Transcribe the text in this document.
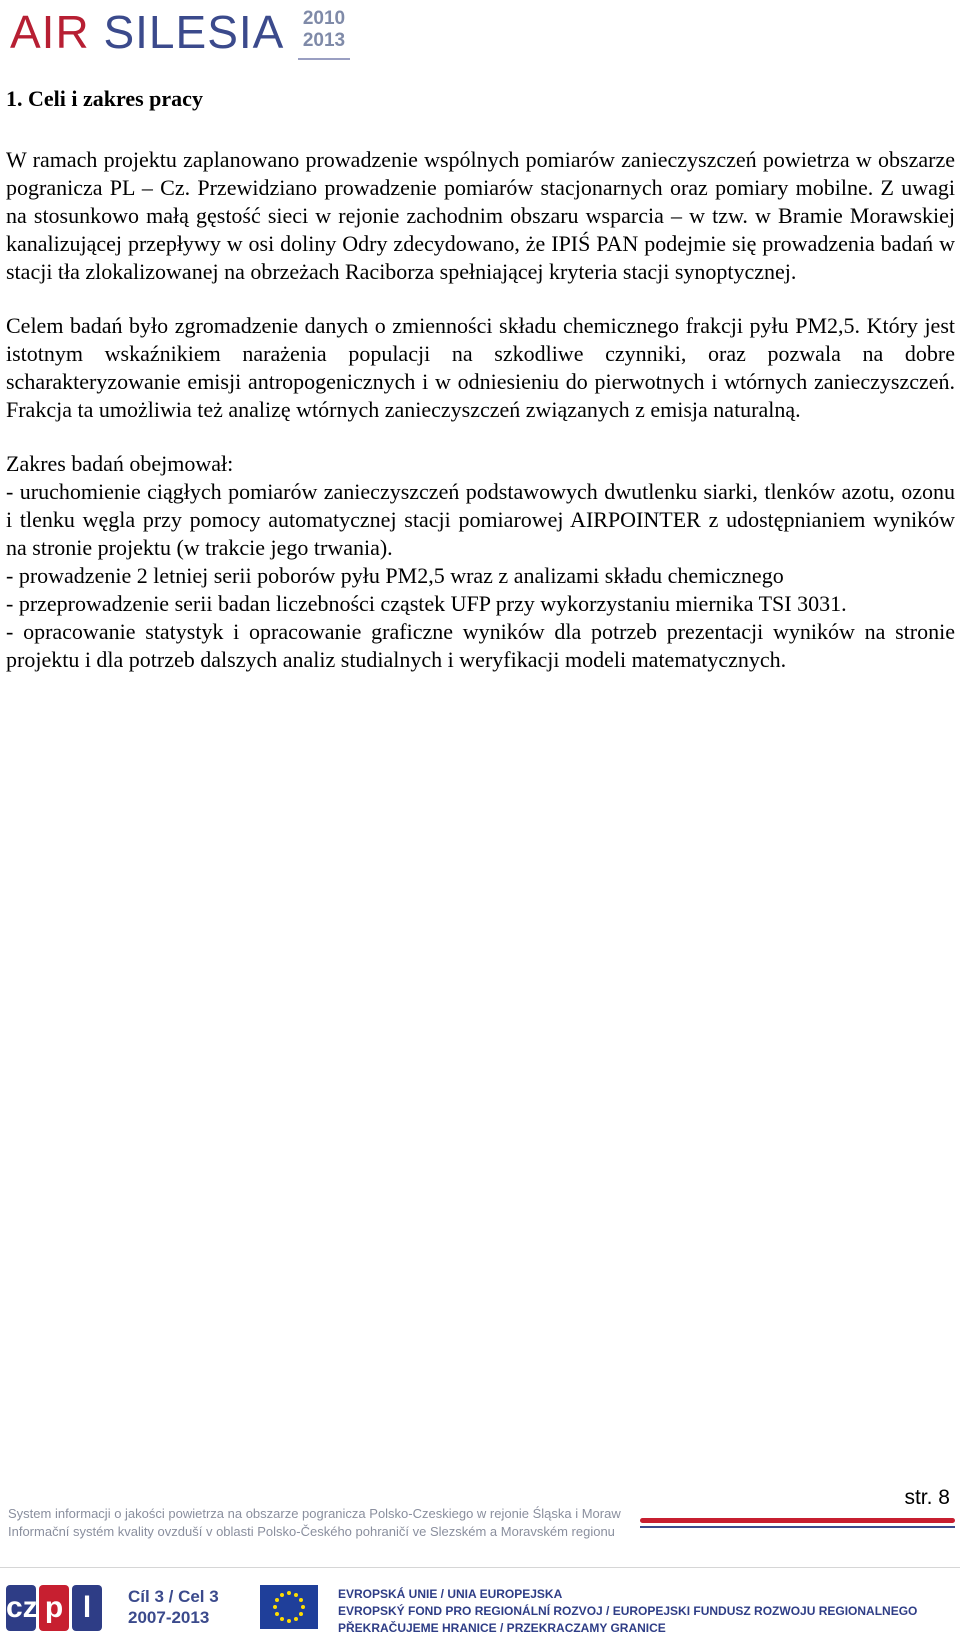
AIR SILESIA 2010
2013
1. Celi i zakres pracy

W ramach projektu zaplanowano prowadzenie wspólnych pomiarów zanieczyszczeń powietrza w obszarze pogranicza PL – Cz. Przewidziano prowadzenie pomiarów stacjonarnych oraz pomiary mobilne. Z uwagi na stosunkowo małą gęstość sieci w rejonie zachodnim obszaru wsparcia – w tzw. w Bramie Morawskiej kanalizującej przepływy w osi doliny Odry zdecydowano, że IPIŚ PAN podejmie się prowadzenia badań w stacji tła zlokalizowanej na obrzeżach Raciborza spełniającej kryteria stacji synoptycznej.

Celem badań było zgromadzenie danych o zmienności składu chemicznego frakcji pyłu PM2,5. Który jest istotnym wskaźnikiem narażenia populacji na szkodliwe czynniki, oraz pozwala na dobre scharakteryzowanie emisji antropogenicznych i w odniesieniu do pierwotnych i wtórnych zanieczyszczeń. Frakcja ta umożliwia też analizę wtórnych zanieczyszczeń związanych z emisja naturalną.

Zakres badań obejmował:

- uruchomienie ciągłych pomiarów zanieczyszczeń podstawowych dwutlenku siarki, tlenków azotu, ozonu i tlenku węgla przy pomocy automatycznej stacji pomiarowej AIRPOINTER z udostępnianiem wyników na stronie projektu (w trakcie jego trwania).
- prowadzenie 2 letniej serii poborów pyłu PM2,5 wraz z analizami składu chemicznego
- przeprowadzenie serii badan liczebności cząstek UFP przy wykorzystaniu miernika TSI 3031.
- opracowanie statystyk i opracowanie graficzne wyników dla potrzeb prezentacji wyników na stronie projektu i dla potrzeb dalszych analiz studialnych i weryfikacji modeli matematycznych.
str. 8
System informacji o jakości powietrza na obszarze pogranicza Polsko-Czeskiego w rejonie Śląska i Moraw
Informační systém kvality ovzduší v oblasti Polsko-Českého pohraničí ve Slezském a Moravském regionu
cz p l	Cíl 3 / Cel 3
2007-2013
EVROPSKÁ UNIE / UNIA EUROPEJSKA
EVROPSKÝ FOND PRO REGIONÁLNÍ ROZVOJ / EUROPEJSKI FUNDUSZ ROZWOJU REGIONALNEGO
PŘEKRAČUJEME HRANICE / PRZEKRACZAMY GRANICE
